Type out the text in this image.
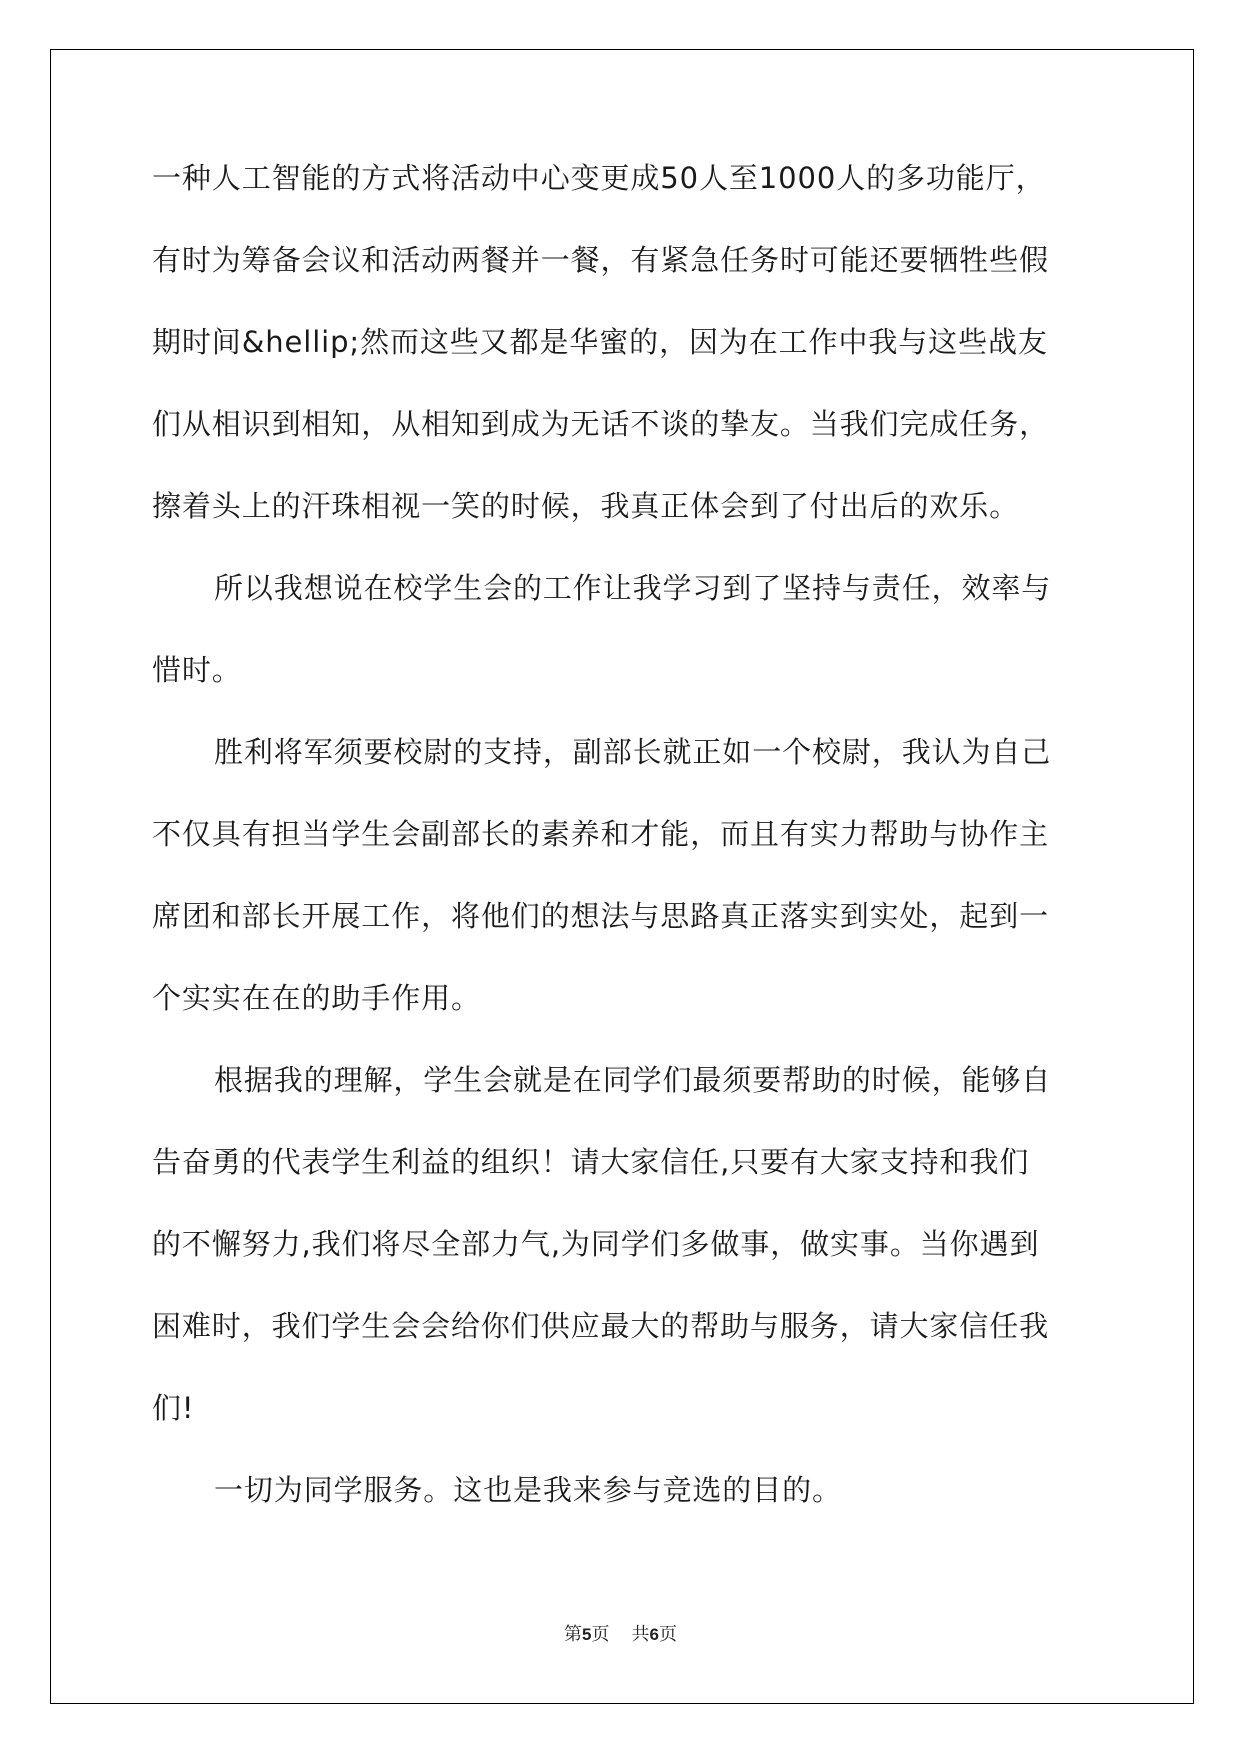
一种人工智能的方式将活动中心变更成50人至1000人的多功能厅，
有时为筹备会议和活动两餐并一餐，有紧急任务时可能还要牺牲些假
期时间&hellip;然而这些又都是华蜜的，因为在工作中我与这些战友
们从相识到相知，从相知到成为无话不谈的挚友。当我们完成任务，
擦着头上的汗珠相视一笑的时候，我真正体会到了付出后的欢乐。
所以我想说在校学生会的工作让我学习到了坚持与责任，效率与
惜时。
胜利将军须要校尉的支持，副部长就正如一个校尉，我认为自己
不仅具有担当学生会副部长的素养和才能，而且有实力帮助与协作主
席团和部长开展工作，将他们的想法与思路真正落实到实处，起到一
个实实在在的助手作用。
根据我的理解，学生会就是在同学们最须要帮助的时候，能够自
告奋勇的代表学生利益的组织！请大家信任,只要有大家支持和我们
的不懈努力,我们将尽全部力气,为同学们多做事，做实事。当你遇到
困难时，我们学生会会给你们供应最大的帮助与服务，请大家信任我
们!
一切为同学服务。这也是我来参与竞选的目的。
第5页 共6页
